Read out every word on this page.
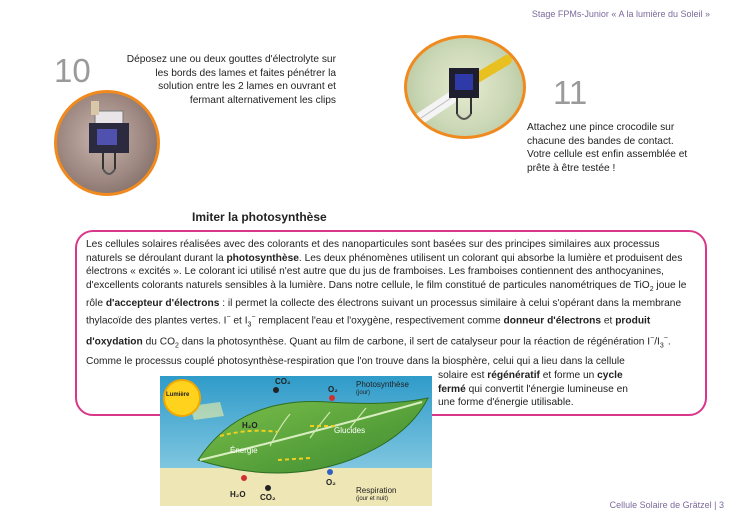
Stage FPMs-Junior « A la lumière du Soleil »
Cellule Solaire de Grätzel | 3
10	Déposez une ou deux gouttes d'électrolyte sur les bords des lames et faites pénétrer la solution entre les 2 lames en ouvrant et fermant alternativement les clips	11
Attachez une pince crocodile sur chacune des bandes de contact. Votre cellule est enfin assemblée et prête à être testée !
Imiter la photosynthèse
Les cellules solaires réalisées avec des colorants et des nanoparticules sont basées sur des principes similaires aux processus naturels se déroulant durant la photosynthèse. Les deux phénomènes utilisent un colorant qui absorbe la lumière et produisent des électrons « excités ». Le colorant ici utilisé n'est autre que du jus de framboises. Les framboises contiennent des anthocyanines, d'excellents colorants naturels sensibles à la lumière. Dans notre cellule, le film constitué de particules nanométriques de TiO$_2$ joue le rôle d'accepteur d'électrons : il permet la collecte des électrons suivant un processus similaire à celui s'opérant dans la membrane thylacoïde des plantes vertes. I− et $I_3^-$ remplacent l'eau et l'oxygène, respectivement comme donneur d'électrons et produit d'oxydation du $CO_2$ dans la photosynthèse. Quant au film de carbone, il sert de catalyseur pour la réaction de régénération $I^-/I_3^-$.
Comme le processus couplé photosynthèse-respiration que l'on trouve dans la biosphère, celui qui a lieu dans la cellule
solaire est régénératif et forme un cycle fermé qui convertit l'énergie lumineuse en une forme d'énergie utilisable.
Lumière
CO₂
O₂
Photosynthèse
(jour)
H₂O
Glucides
Énergie
O₂
H₂O CO₂
Respiration
(jour et nuit)
